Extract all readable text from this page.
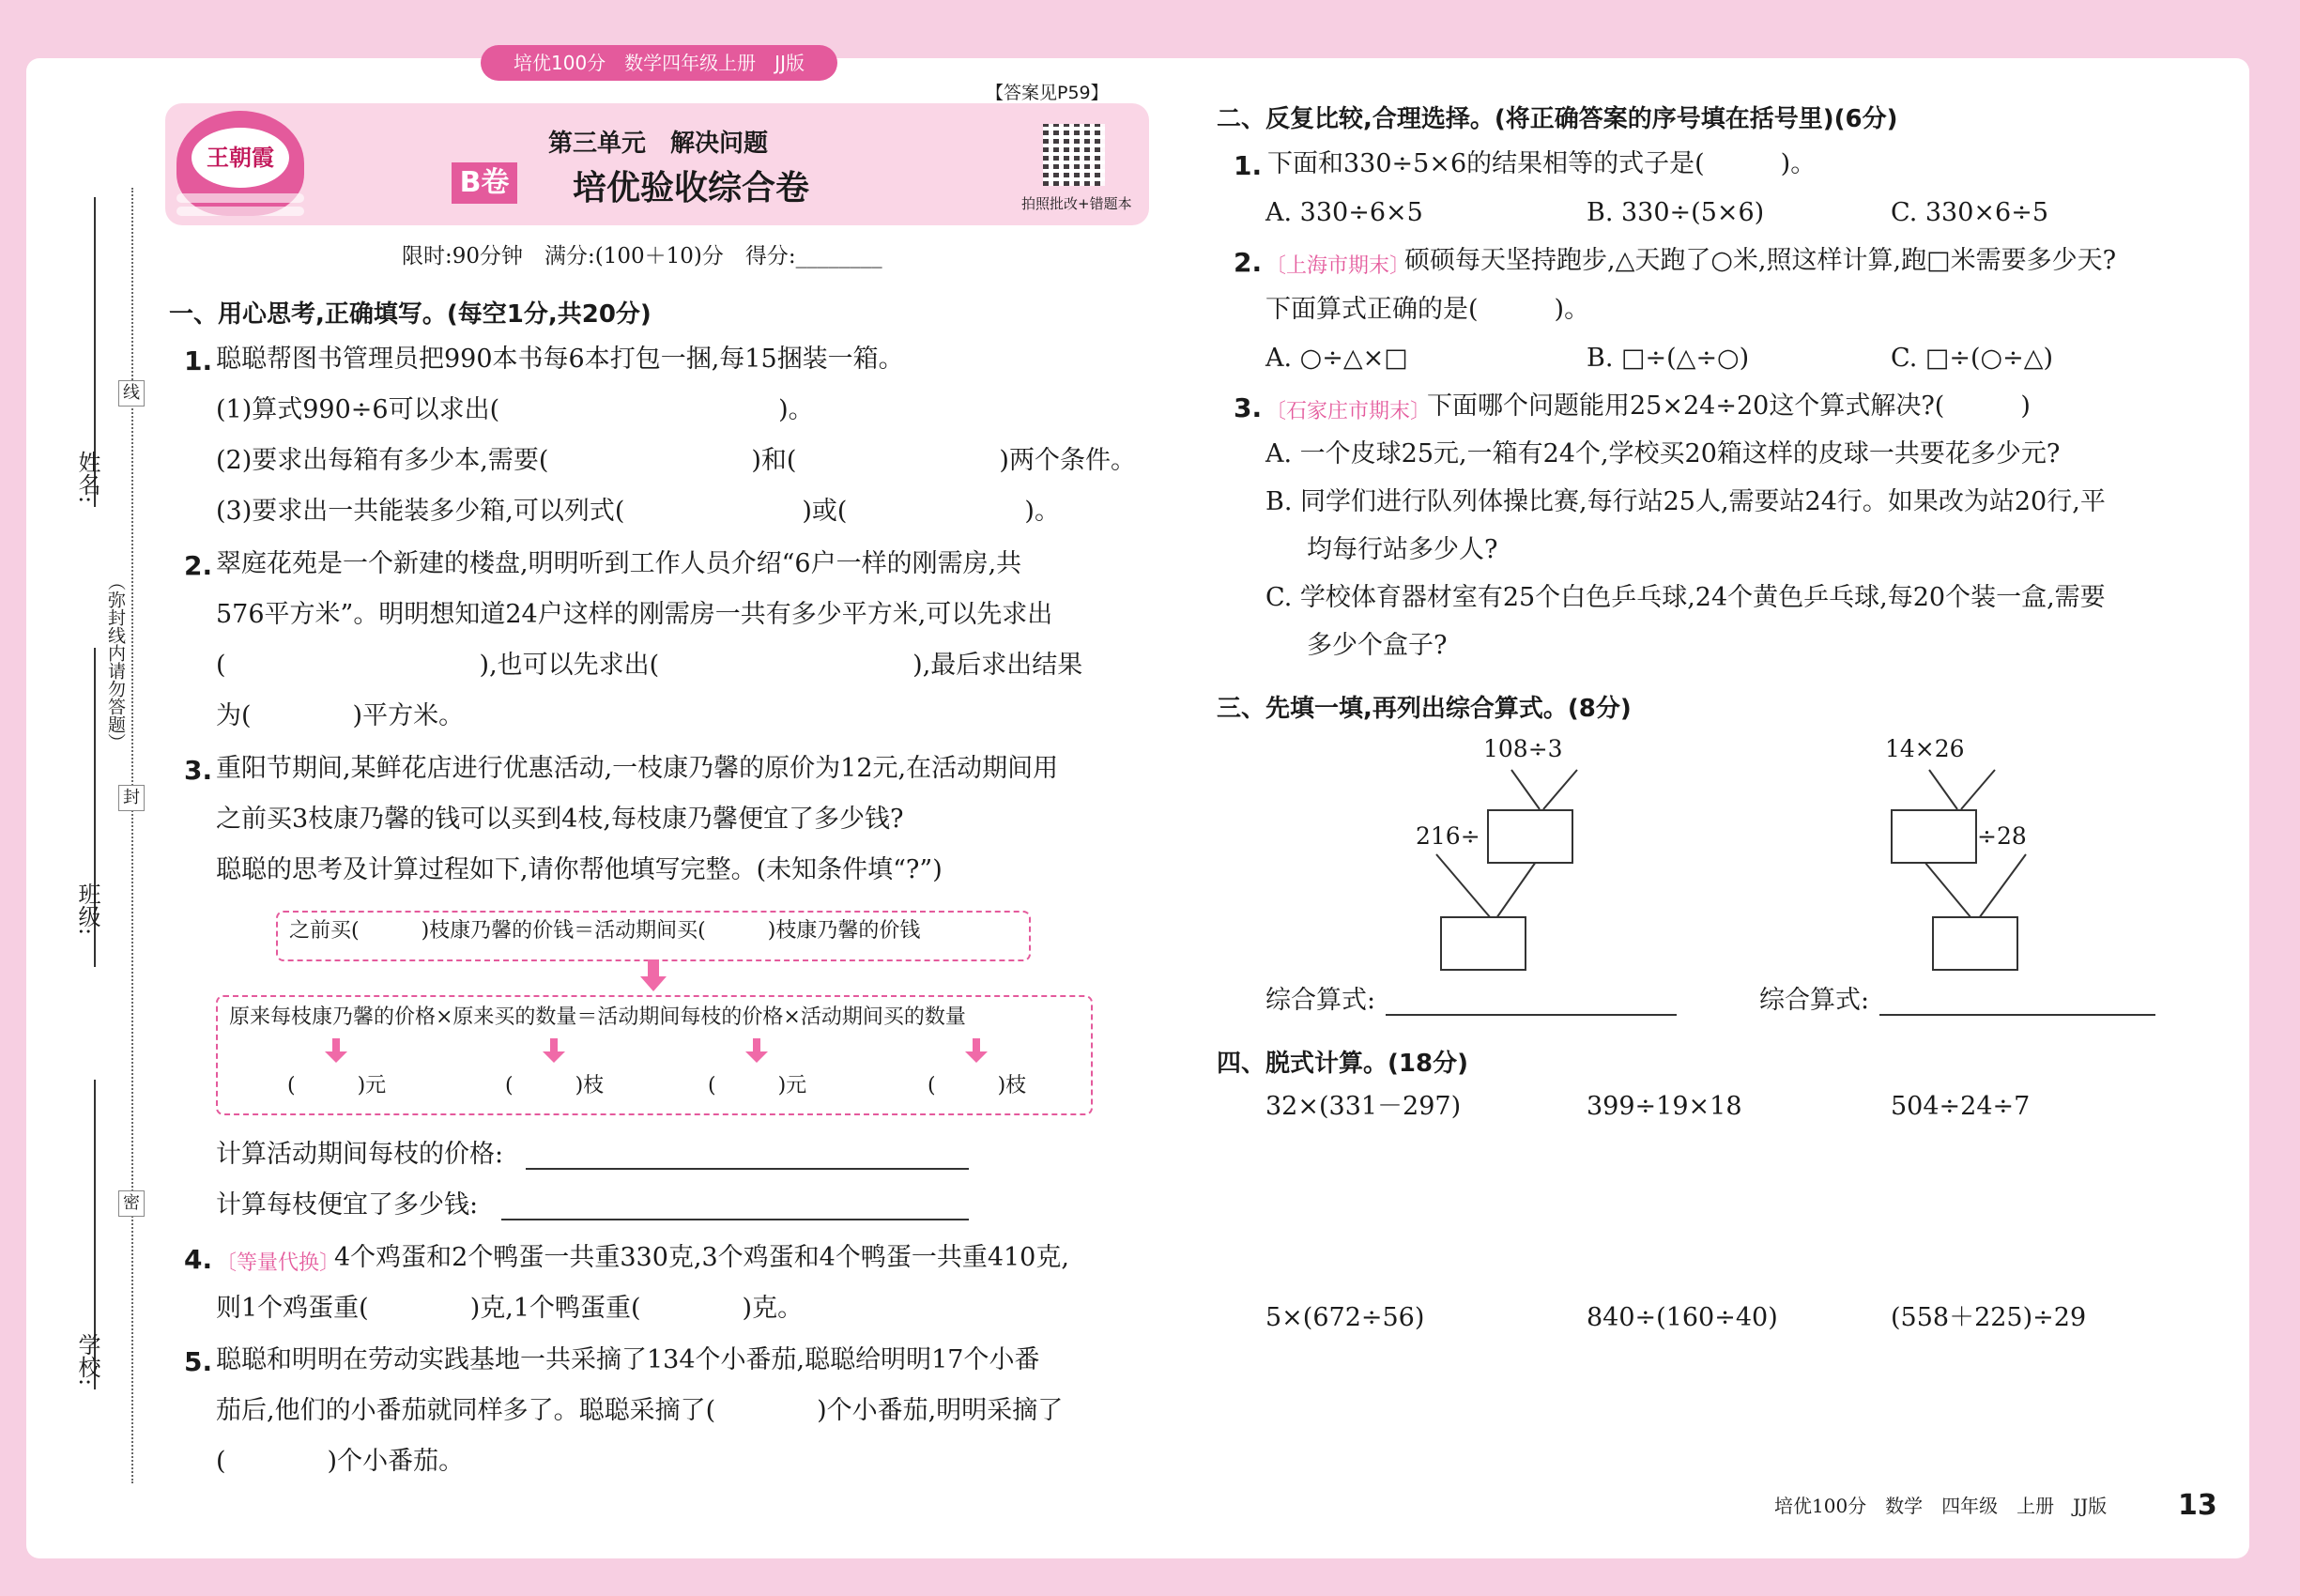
培优100分　数学四年级上册　JJ版
姓名:
班级:
学校:
（弥封线内请勿答题）
线
封
密
【答案见P59】
王朝霞	第三单元　解决问题
B卷 培优验收综合卷	拍照批改+错题本
限时:90分钟　满分:(100＋10)分　得分:________
一、用心思考,正确填写。(每空1分,共20分)
1. 聪聪帮图书管理员把990本书每6本打包一捆,每15捆装一箱。
(1)算式990÷6可以求出(　　　　　　　　　　　)。
(2)要求出每箱有多少本,需要(　　　　　　　　)和(　　　　　　　　)两个条件。
(3)要求出一共能装多少箱,可以列式(　　　　　　　)或(　　　　　　　)。
2. 翠庭花苑是一个新建的楼盘,明明听到工作人员介绍“6户一样的刚需房,共
576平方米”。明明想知道24户这样的刚需房一共有多少平方米,可以先求出
(　　　　　　　　　　),也可以先求出(　　　　　　　　　　),最后求出结果
为(　　　　)平方米。
3. 重阳节期间,某鲜花店进行优惠活动,一枝康乃馨的原价为12元,在活动期间用
之前买3枝康乃馨的钱可以买到4枝,每枝康乃馨便宜了多少钱?
聪聪的思考及计算过程如下,请你帮他填写完整。(未知条件填“?”)
之前买(　　　)枝康乃馨的价钱＝活动期间买(　　　)枝康乃馨的价钱
原来每枝康乃馨的价格×原来买的数量＝活动期间每枝的价格×活动期间买的数量
(　　　)元	(　　　)枝	(　　　)元	(　　　)枝
计算活动期间每枝的价格:
计算每枝便宜了多少钱:
4. 〔等量代换〕
4个鸡蛋和2个鸭蛋一共重330克,3个鸡蛋和4个鸭蛋一共重410克,
则1个鸡蛋重(　　　　)克,1个鸭蛋重(　　　　)克。
5. 聪聪和明明在劳动实践基地一共采摘了134个小番茄,聪聪给明明17个小番
茄后,他们的小番茄就同样多了。聪聪采摘了(　　　　)个小番茄,明明采摘了
(　　　　)个小番茄。
二、反复比较,合理选择。(将正确答案的序号填在括号里)(6分)
1. 下面和330÷5×6的结果相等的式子是(　　　)。
A. 330÷6×5	B. 330÷(5×6)	C. 330×6÷5
2. 〔上海市期末〕
硕硕每天坚持跑步,△天跑了○米,照这样计算,跑□米需要多少天?
下面算式正确的是(　　　)。
A. ○÷△×□	B. □÷(△÷○)	C. □÷(○÷△)
3. 〔石家庄市期末〕
下面哪个问题能用25×24÷20这个算式解决?(　　　)
A. 一个皮球25元,一箱有24个,学校买20箱这样的皮球一共要花多少元?
B. 同学们进行队列体操比赛,每行站25人,需要站24行。如果改为站20行,平
均每行站多少人?
C. 学校体育器材室有25个白色乒乓球,24个黄色乒乓球,每20个装一盒,需要
多少个盒子?
三、先填一填,再列出综合算式。(8分)
108÷3
216÷
14×26
÷28
综合算式:	综合算式:
四、脱式计算。(18分)
32×(331－297)	399÷19×18	504÷24÷7
5×(672÷56)	840÷(160÷40)	(558＋225)÷29
培优100分　数学　四年级　上册　JJ版	13
